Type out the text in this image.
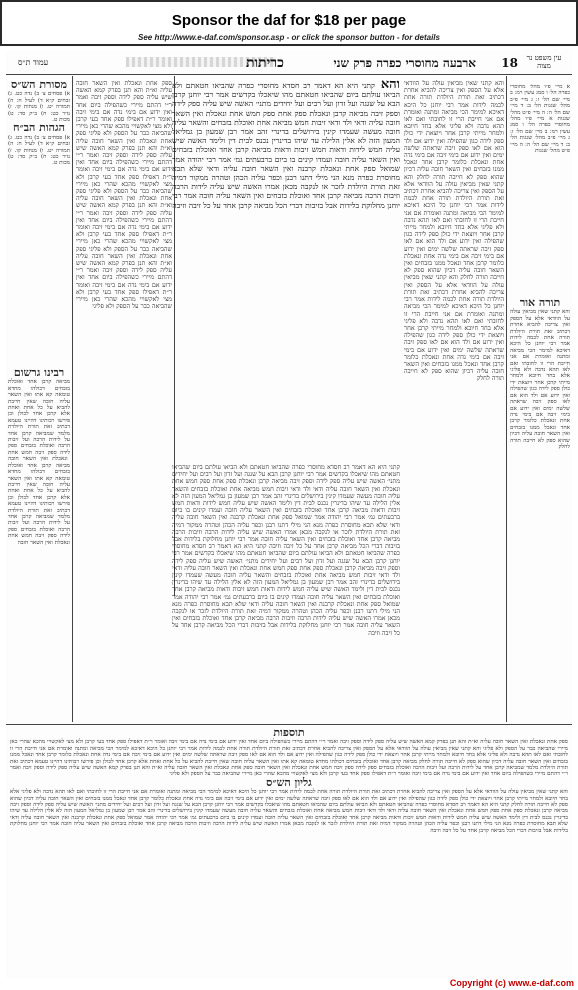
Sponsor the daf for $18 per page
See http://www.e-daf.com/sponsor.asp - or click the sponsor button - for details
עמוד ת״ס	כריתות	ארבעה מחוסרי כפרה פרק שני 18	עין משפט נר מצוה
א מיי׳ פ״ו מהל׳ מחוסרי כפרה הל׳ ו סמג עשין רמ: ב מיי׳ שם הל׳ ז: ג מיי׳ פ״ב מהל׳ שגגות הל׳ ב: ד מיי׳ שם הל׳ ה: ה מיי׳ פ״ט מהל׳ שגגות א מיי׳ פ״ו מהל׳ מחוסרי כפרה הל׳ ו סמג עשין רמ: ב מיי׳ שם הל׳ ז: ג מיי׳ פ״ב מהל׳ שגגות הל׳ ב: ד מיי׳ שם הל׳ ה: ה מיי׳ פ״ט מהל׳ שגגות
תורה אור
והא קתני שאין מביאין עולה על הוודאי אלא על הספק ואין צריכה להביא אחרת דכתיב זאת תורת היולדת תורה אחת לכמה לידות אמר רבי יוחנן כל היכא דאיכא למימר הכי מביאה ומתנה ואומרת אם אני חייבת הרי זו לחובתי ואם לאו תהא נדבה ולא פליגי אלא בחד חיובא ולמחר מייתי קרבן אחר ויוצאת ידי כולן ספק לידה כגון שהפילה ואין ידוע אם ולד הוא אם לאו ספק זיבה שראתה שלשה ימים ואין ידוע אם בימי זיבה אם בימי נדה אחת ונאכלת כלומר קרבן אחד ונאכל ממנו בזבחים ואין השאר חובה עליה דכיון שהוא ספק לא חייבה תורה לחלק
והא קתני שאין מביאין עולה על הוודאי אלא על הספק ואין צריכה להביא אחרת דכתיב זאת תורת היולדת תורה אחת לכמה לידות אמר רבי יוחנן כל היכא דאיכא למימר הכי מביאה ומתנה ואומרת אם אני חייבת הרי זו לחובתי ואם לאו תהא נדבה ולא פליגי אלא בחד חיובא ולמחר מייתי קרבן אחר ויוצאת ידי כולן ספק לידה כגון שהפילה ואין ידוע אם ולד הוא אם לאו ספק זיבה שראתה שלשה ימים ואין ידוע אם בימי זיבה אם בימי נדה אחת ונאכלת כלומר קרבן אחד ונאכל ממנו בזבחים ואין השאר חובה עליה דכיון שהוא ספק לא חייבה תורה לחלק והא קתני שאין מביאין עולה על הוודאי אלא על הספק ואין צריכה להביא אחרת דכתיב זאת תורת היולדת תורה אחת לכמה לידות אמר רבי יוחנן כל היכא דאיכא למימר הכי מביאה ומתנה ואומרת אם אני חייבת הרי זו לחובתי ואם לאו תהא נדבה ולא פליגי אלא בחד חיובא ולמחר מייתי קרבן אחר ויוצאת ידי כולן ספק לידה כגון שהפילה ואין ידוע אם ולד הוא אם לאו ספק זיבה שראתה שלשה ימים ואין ידוע אם בימי זיבה אם בימי נדה אחת ונאכלת כלומר קרבן אחד ונאכל ממנו בזבחים ואין השאר חובה עליה דכיון שהוא ספק לא חייבה תורה לחלק והא קתני שאין מביאין עולה על הוודאי אלא על הספק ואין צריכה להביא אחרת דכתיב זאת תורת היולדת תורה אחת לכמה לידות אמר רבי יוחנן כל היכא דאיכא למימר הכי מביאה ומתנה ואומרת אם אני חייבת הרי זו לחובתי ואם לאו תהא נדבה ולא פליגי אלא בחד חיובא ולמחר מייתי קרבן אחר ויוצאת ידי כולן ספק לידה כגון שהפילה ואין ידוע אם ולד הוא אם לאו ספק זיבה שראתה שלשה ימים ואין ידוע אם בימי זיבה אם בימי נדה אחת ונאכלת כלומר קרבן אחד ונאכל ממנו בזבחים ואין השאר חובה עליה דכיון שהוא ספק לא חייבה תורה לחלק
והא קתני היא הא דאמר רב חסדא מחוסרי כפרה שהביאו חטאתם ולא הביאו עולתם ביום שהביאו חטאתם מהו שיאכלו בקדשים אמר רבי יוחנן קרבן הבא על שגגה ועל זדון ועל רבים ועל יחידים מתני׳ האשה שיש עליה ספק לידה וספק זיבה מביאה קרבן ונאכלת ספק אחת ספק חמש אחת ונאכלת ואין השאר חובה עליה ודאי ולד ודאי זיבות חמש מביאה אחת ואוכלת בזבחים והשאר עליה חובה מעשה שעמדו קינין בירושלים בדינרי זהב אמר רבן שמעון בן גמליאל המעון הזה לא אלין הלילה עד שיהו בדינרין נכנס לבית דין ולימד האשה שיש עליה חמש לידות ודאות חמש זיבות ודאות מביאה קרבן אחד ואוכלת בזבחים ואין השאר עליה חובה ועמדו קינים בו ביום ברבעתים גמ׳ אמר רבי יהודה אמר שמואל ספק אחת ונאכלת קרבנה ואין השאר חובה עליה ודאי שלא תבא מחוסרת כפרה מנא הני מילי דתנו רבנן וכפר עליה הכהן וטהרה ממקור דמיה זאת תורת היולדת לזכר או לנקבה מכאן אמרו האשה שיש עליה לידות הרבה וזיבות הרבה מביאה קרבן אחד ואוכלת בזבחים ואין השאר עליה חובה אמר רבי יוחנן מחלוקת בלידות אבל בזיבות דברי הכל מביאה קרבן אחד על כל זיבה וזיבה
קתני היא הא דאמר רב חסדא מחוסרי כפרה שהביאו חטאתם ולא הביאו עולתם ביום שהביאו חטאתם מהו שיאכלו בקדשים אמר רבי יוחנן קרבן הבא על שגגה ועל זדון ועל רבים ועל יחידים מתני׳ האשה שיש עליה ספק לידה וספק זיבה מביאה קרבן ונאכלת ספק אחת ספק חמש אחת ונאכלת ואין השאר חובה עליה ודאי ולד ודאי זיבות חמש מביאה אחת ואוכלת בזבחים והשאר עליה חובה מעשה שעמדו קינין בירושלים בדינרי זהב אמר רבן שמעון בן גמליאל המעון הזה לא אלין הלילה עד שיהו בדינרין נכנס לבית דין ולימד האשה שיש עליה חמש לידות ודאות חמש זיבות ודאות מביאה קרבן אחד ואוכלת בזבחים ואין השאר עליה חובה ועמדו קינים בו ביום ברבעתים גמ׳ אמר רבי יהודה אמר שמואל ספק אחת ונאכלת קרבנה ואין השאר חובה עליה ודאי שלא תבא מחוסרת כפרה מנא הני מילי דתנו רבנן וכפר עליה הכהן וטהרה ממקור דמיה זאת תורת היולדת לזכר או לנקבה מכאן אמרו האשה שיש עליה לידות הרבה וזיבות הרבה מביאה קרבן אחד ואוכלת בזבחים ואין השאר עליה חובה אמר רבי יוחנן מחלוקת בלידות אבל בזיבות דברי הכל מביאה קרבן אחד על כל זיבה וזיבה קתני היא הא דאמר רב חסדא מחוסרי כפרה שהביאו חטאתם ולא הביאו עולתם ביום שהביאו חטאתם מהו שיאכלו בקדשים אמר רבי יוחנן קרבן הבא על שגגה ועל זדון ועל רבים ועל יחידים מתני׳ האשה שיש עליה ספק לידה וספק זיבה מביאה קרבן ונאכלת ספק אחת ספק חמש אחת ונאכלת ואין השאר חובה עליה ודאי ולד ודאי זיבות חמש מביאה אחת ואוכלת בזבחים והשאר עליה חובה מעשה שעמדו קינין בירושלים בדינרי זהב אמר רבן שמעון בן גמליאל המעון הזה לא אלין הלילה עד שיהו בדינרין נכנס לבית דין ולימד האשה שיש עליה חמש לידות ודאות חמש זיבות ודאות מביאה קרבן אחד ואוכלת בזבחים ואין השאר עליה חובה ועמדו קינים בו ביום ברבעתים גמ׳ אמר רבי יהודה אמר שמואל ספק אחת ונאכלת קרבנה ואין השאר חובה עליה ודאי שלא תבא מחוסרת כפרה מנא הני מילי דתנו רבנן וכפר עליה הכהן וטהרה ממקור דמיה זאת תורת היולדת לזכר או לנקבה מכאן אמרו האשה שיש עליה לידות הרבה וזיבות הרבה מביאה קרבן אחד ואוכלת בזבחים ואין השאר עליה חובה אמר רבי יוחנן מחלוקת בלידות אבל בזיבות דברי הכל מביאה קרבן אחד על כל זיבה וזיבה
ספק אחת ונאכלת ואין השאר חובה עליה וא״ת והא תנן בפרק קמא האשה שיש עליה ספק לידה וספק זיבה ואמר ר״י דהתם מיירי כשהפילה ביום אחד ואין ידוע אם בימי נדה אם בימי זיבה ואומר ר״ת דאפילו ספק אחד בעי קרבן ולא מצי לאקשויי מהכא שהרי כאן מיירי שהביאה כבר על הספק ולא פליגי ספק אחת ונאכלת ואין השאר חובה עליה וא״ת והא תנן בפרק קמא האשה שיש עליה ספק לידה וספק זיבה ואמר ר״י דהתם מיירי כשהפילה ביום אחד ואין ידוע אם בימי נדה אם בימי זיבה ואומר ר״ת דאפילו ספק אחד בעי קרבן ולא מצי לאקשויי מהכא שהרי כאן מיירי שהביאה כבר על הספק ולא פליגי ספק אחת ונאכלת ואין השאר חובה עליה וא״ת והא תנן בפרק קמא האשה שיש עליה ספק לידה וספק זיבה ואמר ר״י דהתם מיירי כשהפילה ביום אחד ואין ידוע אם בימי נדה אם בימי זיבה ואומר ר״ת דאפילו ספק אחד בעי קרבן ולא מצי לאקשויי מהכא שהרי כאן מיירי שהביאה כבר על הספק ולא פליגי ספק אחת ונאכלת ואין השאר חובה עליה וא״ת והא תנן בפרק קמא האשה שיש עליה ספק לידה וספק זיבה ואמר ר״י דהתם מיירי כשהפילה ביום אחד ואין ידוע אם בימי נדה אם בימי זיבה ואומר ר״ת דאפילו ספק אחד בעי קרבן ולא מצי לאקשויי מהכא שהרי כאן מיירי שהביאה כבר על הספק ולא פליגי
מסורת הש״ס
א) פסחים צ׳ ב) נדה כט. ג) זבחים ק״א ד) לעיל ח: ה) תמורה יט. ו) מנחות קו. ז) נזיר כט: ח) ב״ק סד: ט) מכות ט.
הגהות הב״ח
א) פסחים צ׳ ב) נדה כט. ג) זבחים ק״א ד) לעיל ח: ה) תמורה יט. ו) מנחות קו. ז) נזיר כט: ח) ב״ק סד: ט) מכות ט.
רבינו גרשום
מביאה קרבן אחד ואוכלת בזבחים דכולהו מחדא טומאה קא אתו ואין השאר עליה חובה שאין חייבת להביא על כל אחת ואחת אלא קרבן אחד לכולן וכן פירשו רבותינו דהיינו טעמא דכתיב זאת תורת היולדת מלמד שמביאה קרבן אחד על לידות הרבה ועל זיבות הרבה ואוכלת בזבחים ספק לידה ספק זיבה חמש אחת ונאכלת ואין השאר חובה מביאה קרבן אחד ואוכלת בזבחים דכולהו מחדא טומאה קא אתו ואין השאר עליה חובה שאין חייבת להביא על כל אחת ואחת אלא קרבן אחד לכולן וכן פירשו רבותינו דהיינו טעמא דכתיב זאת תורת היולדת מלמד שמביאה קרבן אחד על לידות הרבה ועל זיבות הרבה ואוכלת בזבחים ספק לידה ספק זיבה חמש אחת ונאכלת ואין השאר חובה
תוספות
ספק אחת ונאכלת ואין השאר חובה עליה וא״ת והא תנן בפרק קמא האשה שיש עליה ספק לידה וספק זיבה ואמר ר״י דהתם מיירי כשהפילה ביום אחד ואין ידוע אם בימי נדה אם בימי זיבה ואומר ר״ת דאפילו ספק אחד בעי קרבן ולא מצי לאקשויי מהכא שהרי כאן מיירי שהביאה כבר על הספק ולא פליגי והא קתני שאין מביאין עולה על הוודאי אלא על הספק ואין צריכה להביא אחרת דכתיב זאת תורת היולדת תורה אחת לכמה לידות אמר רבי יוחנן כל היכא דאיכא למימר הכי מביאה ומתנה ואומרת אם אני חייבת הרי זו לחובתי ואם לאו תהא נדבה ולא פליגי אלא בחד חיובא ולמחר מייתי קרבן אחר ויוצאת ידי כולן ספק לידה כגון שהפילה ואין ידוע אם ולד הוא אם לאו ספק זיבה שראתה שלשה ימים ואין ידוע אם בימי זיבה אם בימי נדה אחת ונאכלת כלומר קרבן אחד ונאכל ממנו בזבחים ואין השאר חובה עליה דכיון שהוא ספק לא חייבה תורה לחלק מביאה קרבן אחד ואוכלת בזבחים דכולהו מחדא טומאה קא אתו ואין השאר עליה חובה שאין חייבת להביא על כל אחת ואחת אלא קרבן אחד לכולן וכן פירשו רבותינו דהיינו טעמא דכתיב זאת תורת היולדת מלמד שמביאה קרבן אחד על לידות הרבה ועל זיבות הרבה ואוכלת בזבחים ספק לידה ספק זיבה חמש אחת ונאכלת ואין השאר חובה ספק אחת ונאכלת ואין השאר חובה עליה וא״ת והא תנן בפרק קמא האשה שיש עליה ספק לידה וספק זיבה ואמר ר״י דהתם מיירי כשהפילה ביום אחד ואין ידוע אם בימי נדה אם בימי זיבה ואומר ר״ת דאפילו ספק אחד בעי קרבן ולא מצי לאקשויי מהכא שהרי כאן מיירי שהביאה כבר על הספק ולא פליגי
גליון הש״ס
והא קתני שאין מביאין עולה על הוודאי אלא על הספק ואין צריכה להביא אחרת דכתיב זאת תורת היולדת תורה אחת לכמה לידות אמר רבי יוחנן כל היכא דאיכא למימר הכי מביאה ומתנה ואומרת אם אני חייבת הרי זו לחובתי ואם לאו תהא נדבה ולא פליגי אלא בחד חיובא ולמחר מייתי קרבן אחר ויוצאת ידי כולן ספק לידה כגון שהפילה ואין ידוע אם ולד הוא אם לאו ספק זיבה שראתה שלשה ימים ואין ידוע אם בימי זיבה אם בימי נדה אחת ונאכלת כלומר קרבן אחד ונאכל ממנו בזבחים ואין השאר חובה עליה דכיון שהוא ספק לא חייבה תורה לחלק קתני היא הא דאמר רב חסדא מחוסרי כפרה שהביאו חטאתם ולא הביאו עולתם ביום שהביאו חטאתם מהו שיאכלו בקדשים אמר רבי יוחנן קרבן הבא על שגגה ועל זדון ועל רבים ועל יחידים מתני׳ האשה שיש עליה ספק לידה וספק זיבה מביאה קרבן ונאכלת ספק אחת ספק חמש אחת ונאכלת ואין השאר חובה עליה ודאי ולד ודאי זיבות חמש מביאה אחת ואוכלת בזבחים והשאר עליה חובה מעשה שעמדו קינין בירושלים בדינרי זהב אמר רבן שמעון בן גמליאל המעון הזה לא אלין הלילה עד שיהו בדינרין נכנס לבית דין ולימד האשה שיש עליה חמש לידות ודאות חמש זיבות ודאות מביאה קרבן אחד ואוכלת בזבחים ואין השאר עליה חובה ועמדו קינים בו ביום ברבעתים גמ׳ אמר רבי יהודה אמר שמואל ספק אחת ונאכלת קרבנה ואין השאר חובה עליה ודאי שלא תבא מחוסרת כפרה מנא הני מילי דתנו רבנן וכפר עליה הכהן וטהרה ממקור דמיה זאת תורת היולדת לזכר או לנקבה מכאן אמרו האשה שיש עליה לידות הרבה וזיבות הרבה מביאה קרבן אחד ואוכלת בזבחים ואין השאר עליה חובה אמר רבי יוחנן מחלוקת בלידות אבל בזיבות דברי הכל מביאה קרבן אחד על כל זיבה וזיבה
Copyright (c) www.e-daf.com
